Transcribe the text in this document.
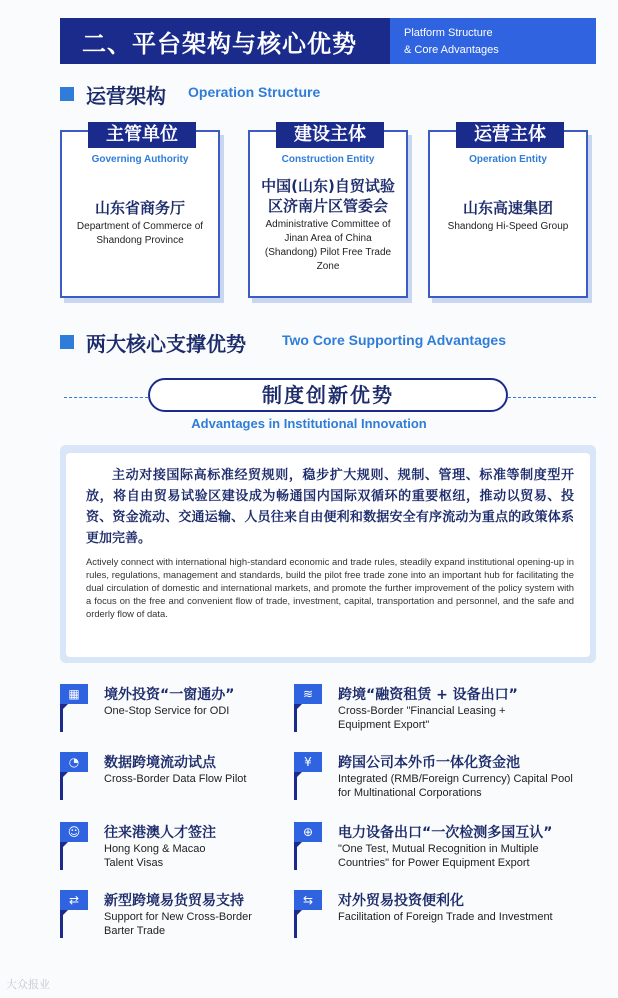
二、平台架构与核心优势	Platform Structure
& Core Advantages
运营架构 Operation Structure
主管单位
Governing Authority
山东省商务厅
Department of Commerce of Shandong Province
建设主体
Construction Entity
中国(山东)自贸试验区济南片区管委会
Administrative Committee of Jinan Area of China (Shandong) Pilot Free Trade Zone
运营主体
Operation Entity
山东高速集团
Shandong Hi-Speed Group
两大核心支撑优势	Two Core Supporting Advantages
制度创新优势
Advantages in Institutional Innovation

主动对接国际高标准经贸规则，稳步扩大规则、规制、管理、标准等制度型开放，将自由贸易试验区建设成为畅通国内国际双循环的重要枢纽，推动以贸易、投资、资金流动、交通运输、人员往来自由便利和数据安全有序流动为重点的政策体系更加完善。

Actively connect with international high-standard economic and trade rules, steadily expand institutional opening-up in rules, regulations, management and standards, build the pilot free trade zone into an important hub for facilitating the dual circulation of domestic and international markets, and promote the further improvement of the policy system with a focus on the free and convenient flow of trade, investment, capital, transportation and personnel, and the safe and orderly flow of data.

▦	境外投资“一窗通办”
One-Stop Service for ODI
≋	跨境“融资租赁 + 设备出口”
Cross-Border "Financial Leasing + Equipment Export"
◔	数据跨境流动试点
Cross-Border Data Flow Pilot
¥	跨国公司本外币一体化资金池
Integrated (RMB/Foreign Currency) Capital Pool for Multinational Corporations
☺	往来港澳人才签注
Hong Kong & Macao Talent Visas
⊕	电力设备出口“一次检测多国互认”
"One Test, Mutual Recognition in Multiple Countries" for Power Equipment Export
⇄	新型跨境易货贸易支持
Support for New Cross-Border Barter Trade
⇆	对外贸易投资便利化
Facilitation of Foreign Trade and Investment
大众报业
